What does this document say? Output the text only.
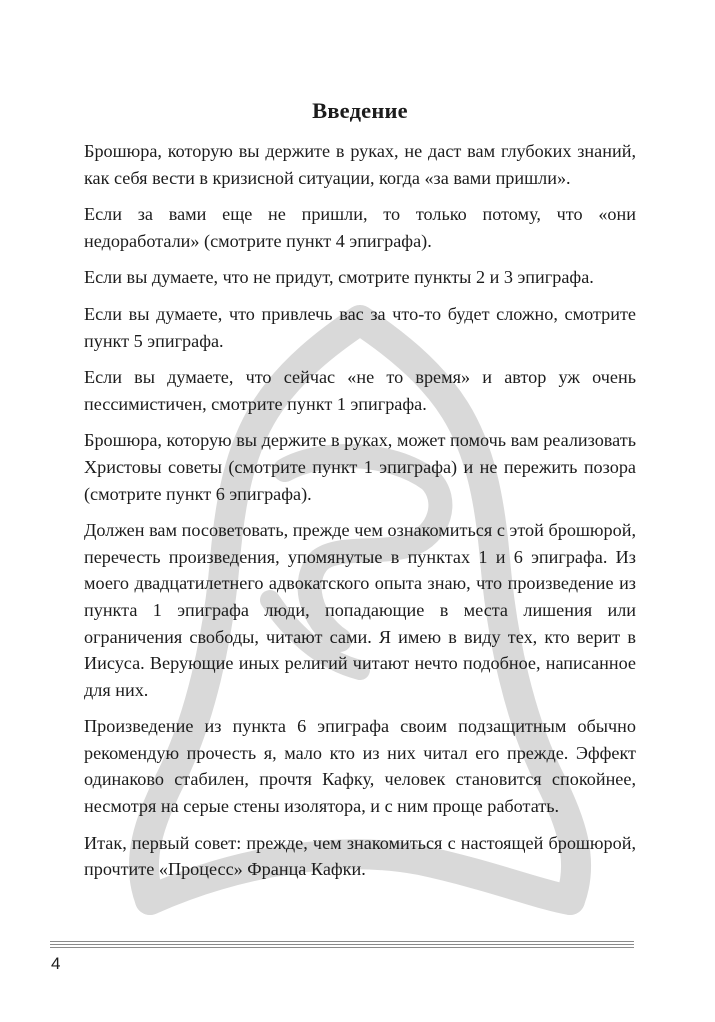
Введение

Брошюра, которую вы держите в руках, не даст вам глубоких знаний, как себя вести в кризисной ситуации, когда «за вами пришли».

Если за вами еще не пришли, то только потому, что «они недоработали» (смотрите пункт 4 эпиграфа).

Если вы думаете, что не придут, смотрите пункты 2 и 3 эпиграфа.

Если вы думаете, что привлечь вас за что-то будет сложно, смотрите пункт 5 эпиграфа.

Если вы думаете, что сейчас «не то время» и автор уж очень пессимистичен, смотрите пункт 1 эпиграфа.

Брошюра, которую вы держите в руках, может помочь вам реализовать Христовы советы (смотрите пункт 1 эпиграфа) и не пережить позора (смотрите пункт 6 эпиграфа).

Должен вам посоветовать, прежде чем ознакомиться с этой брошюрой, перечесть произведения, упомянутые в пунктах 1 и 6 эпиграфа. Из моего двадцатилетнего адвокатского опыта знаю, что произведение из пункта 1 эпиграфа люди, попадающие в места лишения или ограничения свободы, читают сами. Я имею в виду тех, кто верит в Иисуса. Верующие иных религий читают нечто подобное, написанное для них.

Произведение из пункта 6 эпиграфа своим подзащитным обычно рекомендую прочесть я, мало кто из них читал его прежде. Эффект одинаково стабилен, прочтя Кафку, человек становится спокойнее, несмотря на серые стены изолятора, и с ним проще работать.

Итак, первый совет: прежде, чем знакомиться с настоящей брошюрой, прочтите «Процесс» Франца Кафки.

4
